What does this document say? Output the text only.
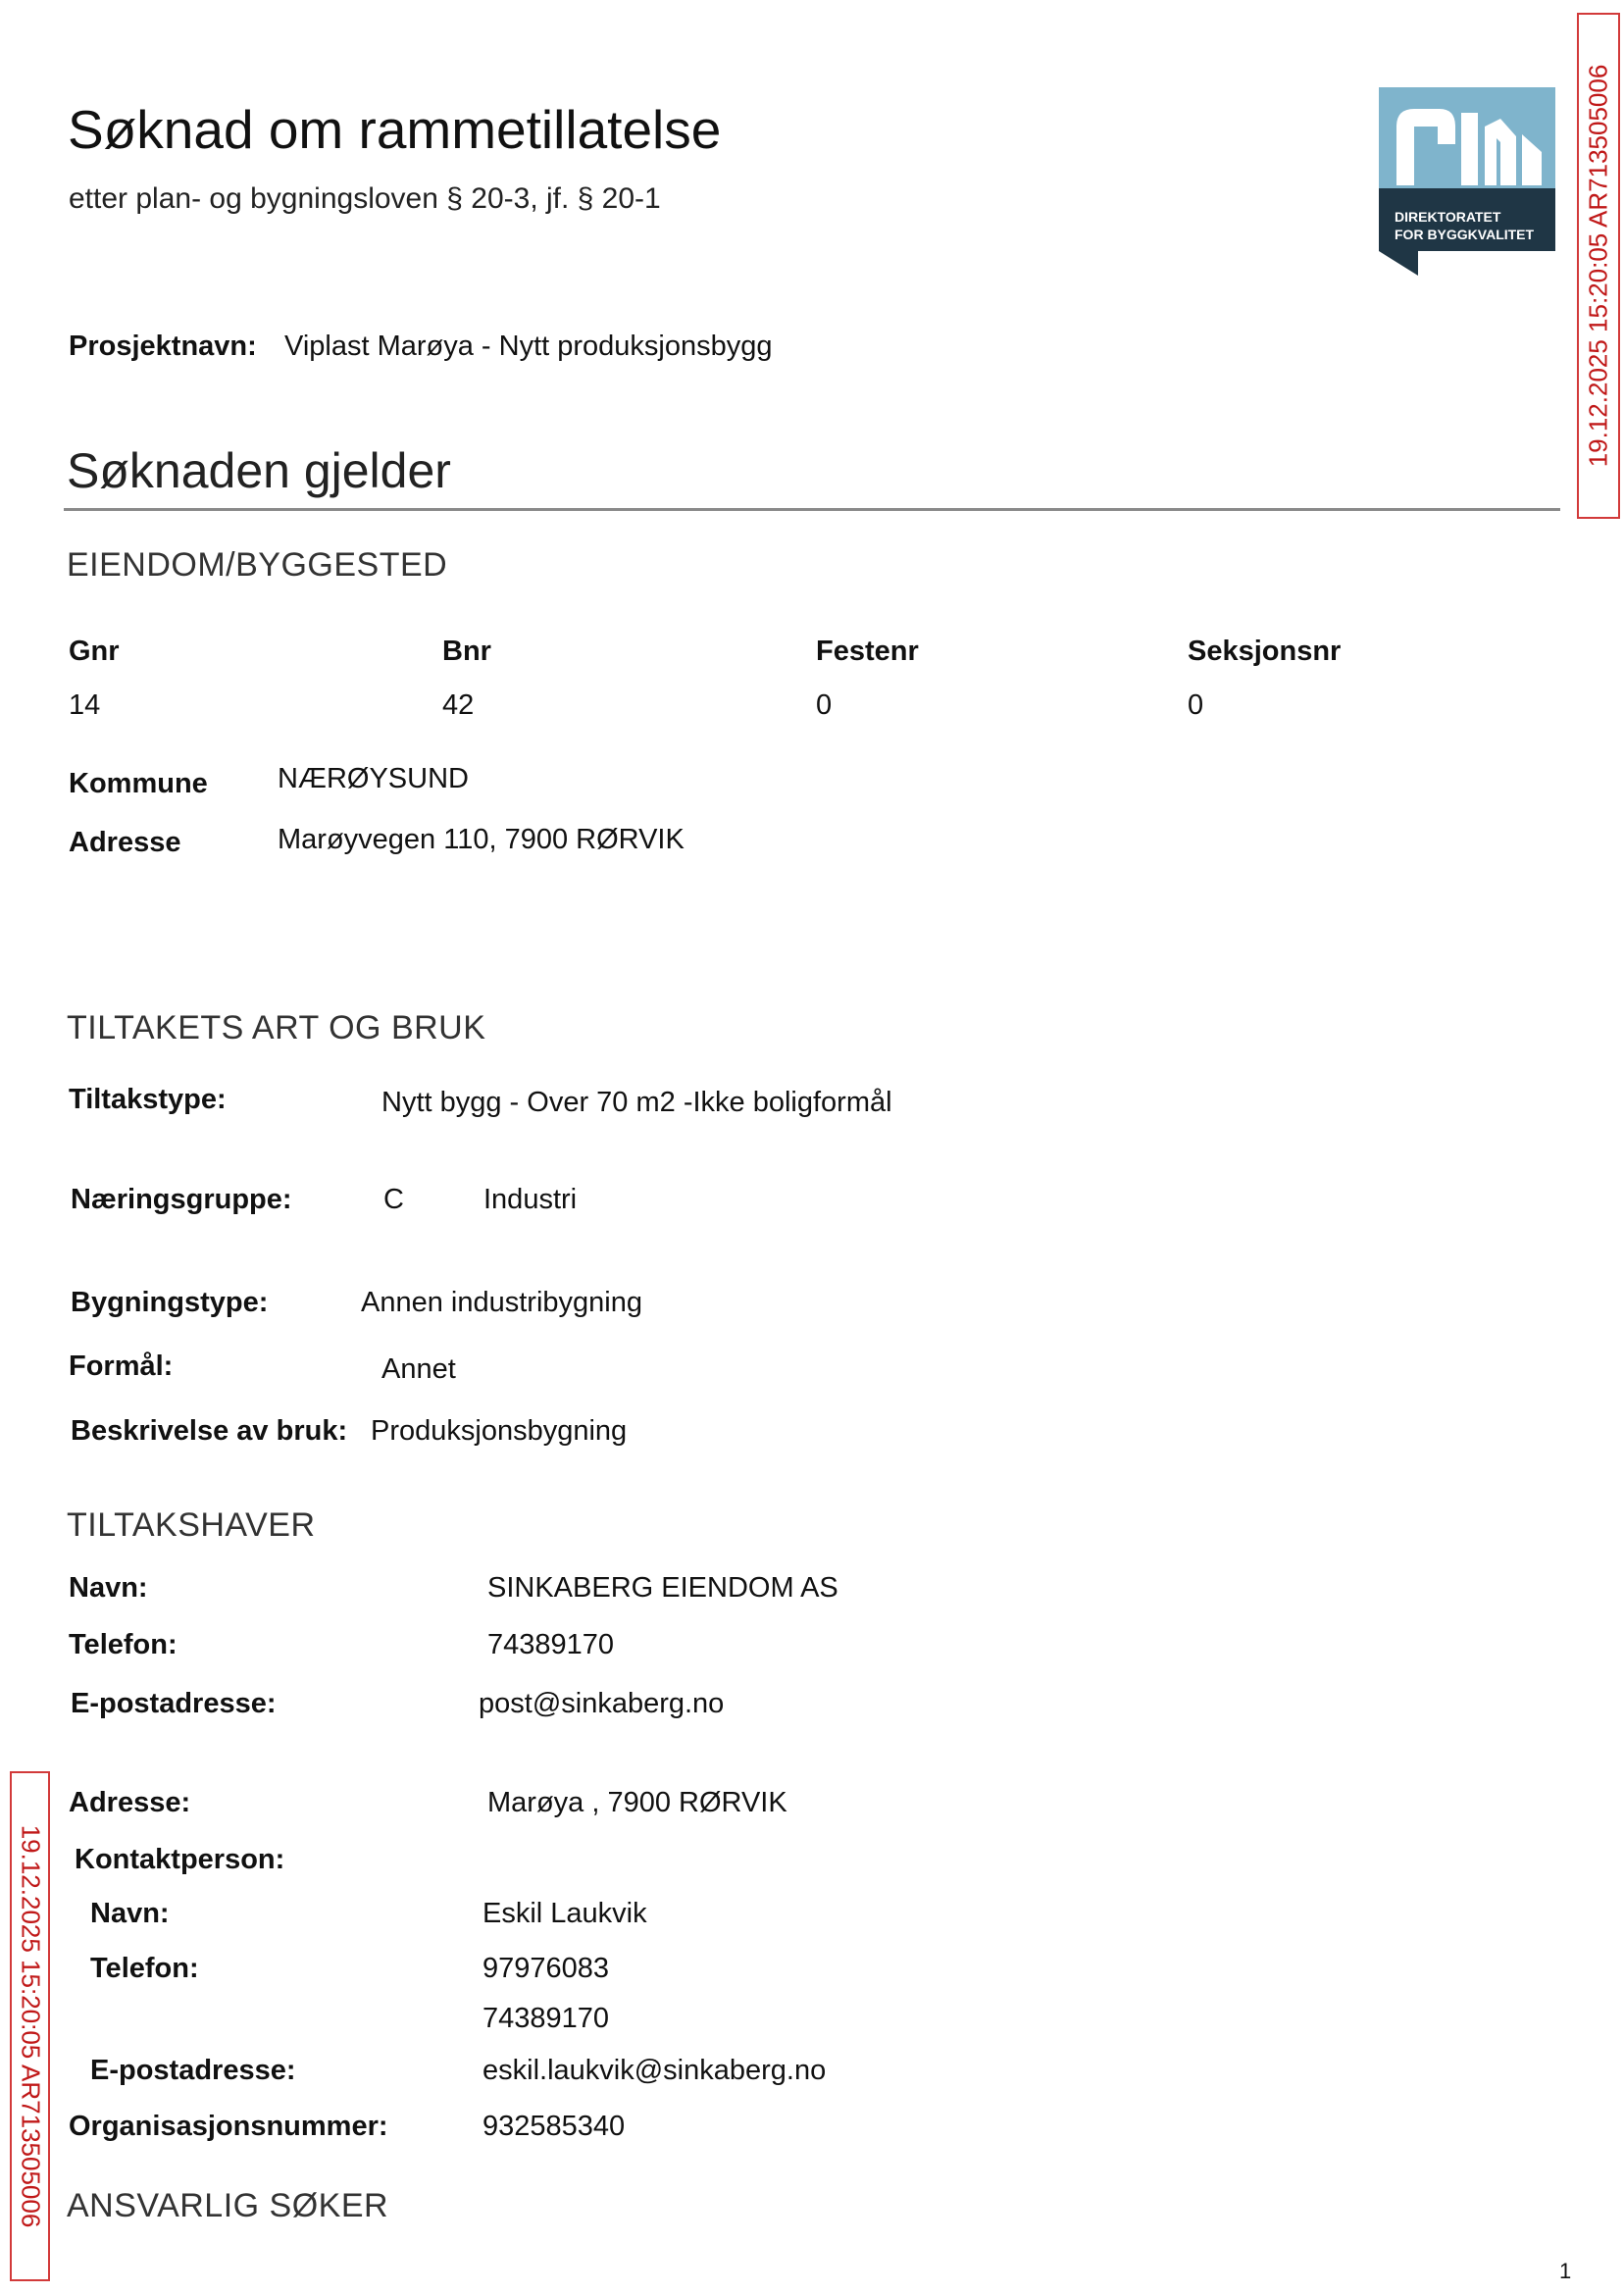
Søknad om rammetillatelse
etter plan- og bygningsloven § 20-3, jf. § 20-1
DIREKTORATET
FOR BYGGKVALITET 19.12.2025 15:20:05 AR713505006
19.12.2025 15:20:05 AR713505006
Prosjektnavn: Viplast Marøya - Nytt produksjonsbygg
Søknaden gjelder
EIENDOM/BYGGESTED
Gnr	Bnr	Festenr	Seksjonsnr
14	42	0	0
Kommune NÆRØYSUND
Adresse	Marøyvegen 110, 7900 RØRVIK
TILTAKETS ART OG BRUK
Tiltakstype:	Nytt bygg - Over 70 m2 -Ikke boligformål
Næringsgruppe:	C	Industri
Bygningstype:	Annen industribygning
Formål:	Annet
Beskrivelse av bruk: Produksjonsbygning
TILTAKSHAVER
Navn:	SINKABERG EIENDOM AS
Telefon:	74389170
E-postadresse:	post@sinkaberg.no
Adresse:	Marøya , 7900 RØRVIK
Kontaktperson:
Navn:	Eskil Laukvik
Telefon:	97976083
74389170
E-postadresse:	eskil.laukvik@sinkaberg.no
Organisasjonsnummer:	932585340
ANSVARLIG SØKER
1
